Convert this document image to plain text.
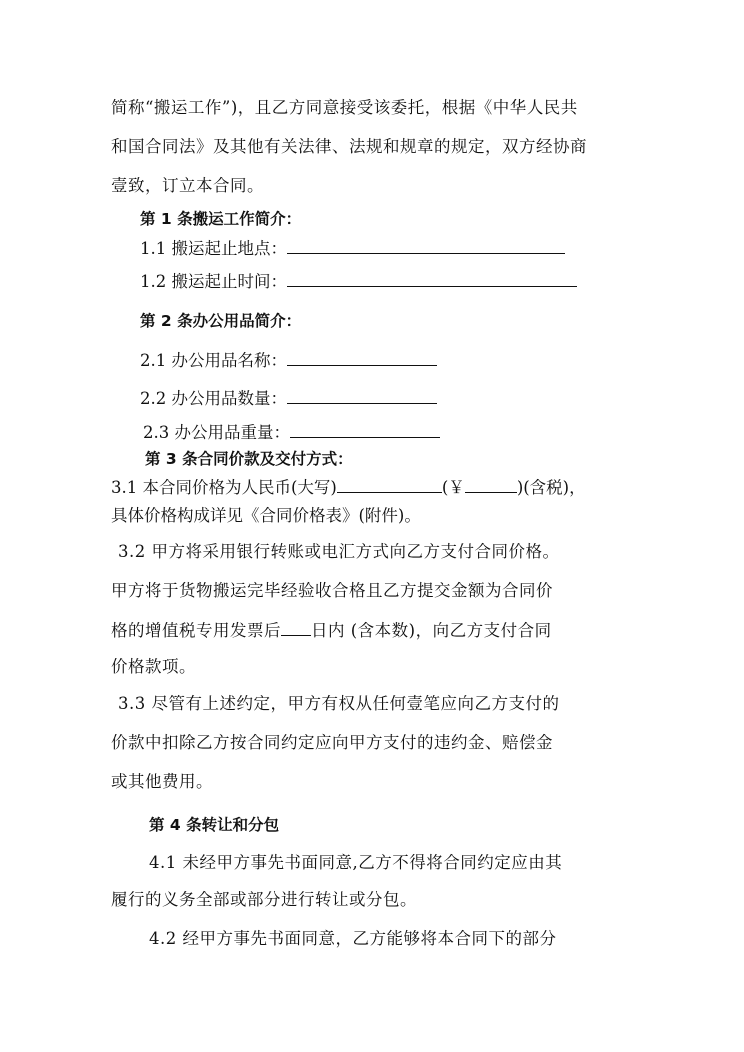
简称“搬运工作”)，且乙方同意接受该委托，根据《中华人民共
和国合同法》及其他有关法律、法规和规章的规定，双方经协商
壹致，订立本合同。
第 1 条搬运工作简介：
1.1 搬运起止地点：
1.2 搬运起止时间：
第 2 条办公用品简介：
2.1 办公用品名称：
2.2 办公用品数量：
2.3 办公用品重量：
第 3 条合同价款及交付方式：
3.1 本合同价格为人民币(大写)	(￥	)(含税)，
具体价格构成详见《合同价格表》(附件)。
3.2 甲方将采用银行转账或电汇方式向乙方支付合同价格。
甲方将于货物搬运完毕经验收合格且乙方提交金额为合同价
格的增值税专用发票后 日内 (含本数)，向乙方支付合同
价格款项。
3.3 尽管有上述约定，甲方有权从任何壹笔应向乙方支付的
价款中扣除乙方按合同约定应向甲方支付的违约金、赔偿金
或其他费用。
第 4 条转让和分包
4.1 未经甲方事先书面同意,乙方不得将合同约定应由其
履行的义务全部或部分进行转让或分包。
4.2 经甲方事先书面同意，乙方能够将本合同下的部分
